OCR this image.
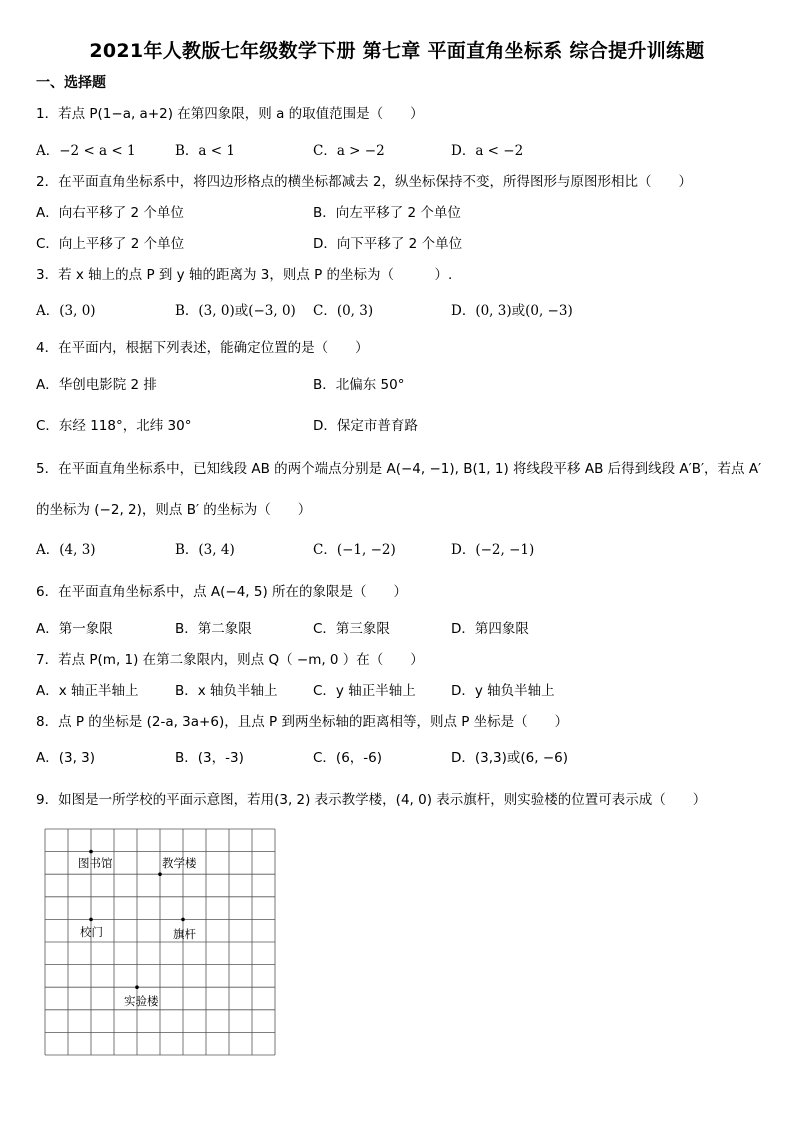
2021年人教版七年级数学下册 第七章 平面直角坐标系 综合提升训练题
一、选择题
1．若点 P(1−a, a+2) 在第四象限，则 a 的取值范围是（　　）
A．−2 < a < 1	B．a < 1	C．a > −2	D．a < −2
2．在平面直角坐标系中，将四边形格点的横坐标都减去 2，纵坐标保持不变，所得图形与原图形相比（　　）
A．向右平移了 2 个单位	B．向左平移了 2 个单位
C．向上平移了 2 个单位	D．向下平移了 2 个单位
3．若 x 轴上的点 P 到 y 轴的距离为 3，则点 P 的坐标为（　　　）.
A．(3, 0)	B．(3, 0)或(−3, 0) C．(0, 3)	D．(0, 3)或(0, −3)
4．在平面内，根据下列表述，能确定位置的是（　　）
A．华创电影院 2 排	B．北偏东 50°
C．东经 118°，北纬 30°	D．保定市普育路
5．在平面直角坐标系中，已知线段 AB 的两个端点分别是 A(−4, −1), B(1, 1) 将线段平移 AB 后得到线段 A′B′，若点 A′
的坐标为 (−2, 2)，则点 B′ 的坐标为（　　）
A．(4, 3)	B．(3, 4)	C．(−1, −2)	D．(−2, −1)
6．在平面直角坐标系中，点 A(−4, 5) 所在的象限是（　　）
A．第一象限	B．第二象限	C．第三象限	D．第四象限
7．若点 P(m, 1) 在第二象限内，则点 Q（ −m, 0 ）在（　　）
A．x 轴正半轴上	B．x 轴负半轴上	C．y 轴正半轴上	D．y 轴负半轴上
8．点 P 的坐标是 (2-a, 3a+6)，且点 P 到两坐标轴的距离相等，则点 P 坐标是（　　）
A．(3, 3)	B．(3，-3)	C．(6，-6)	D．(3,3)或(6, −6)
9．如图是一所学校的平面示意图，若用(3, 2) 表示教学楼，(4, 0) 表示旗杆，则实验楼的位置可表示成（　　）
图书馆	教学楼
校门	旗杆
实验楼
